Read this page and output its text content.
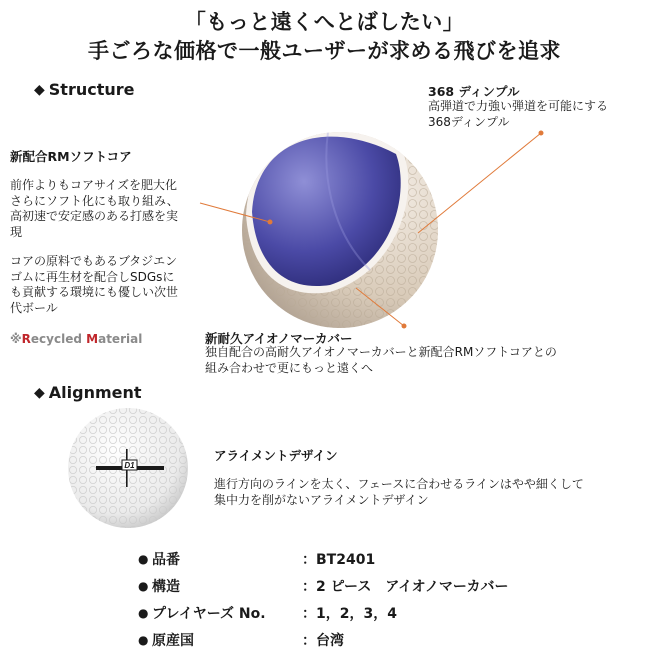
「もっと遠くへとばしたい」
手ごろな価格で一般ユーザーが求める飛びを追求
◆ Structure
新配合RMソフトコア
前作よりもコアサイズを肥大化
さらにソフト化にも取り組み、
高初速で安定感のある打感を実
現
コアの原料でもあるブタジエン
ゴムに再生材を配合しSDGsに
も貢献する環境にも優しい次世
代ボール
※Recycled Material
368 ディンプル
高弾道で力強い弾道を可能にする
368ディンプル
新耐久アイオノマーカバー
独自配合の高耐久アイオノマーカバーと新配合RMソフトコアとの
組み合わせで更にもっと遠くへ
◆ Alignment
D1
アライメントデザイン
進行方向のラインを太く、フェースに合わせるラインはやや細くして
集中力を削がないアライメントデザイン
● 品番	：BT2401
● 構造	：2 ピース　アイオノマーカバー
● プレイヤーズ No.	：1，2，3，4
● 原産国	：台湾
